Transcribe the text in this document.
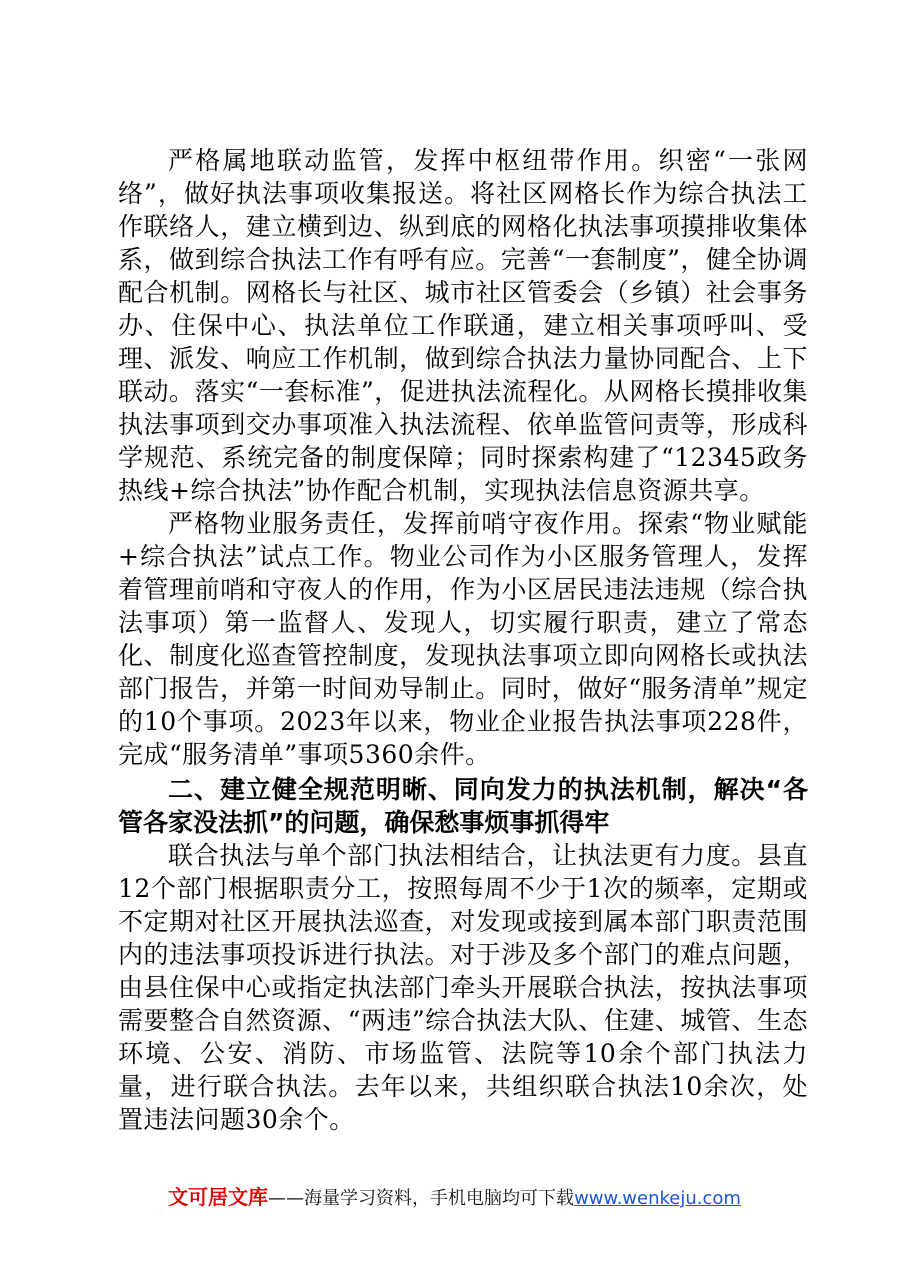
严格属地联动监管，发挥中枢纽带作用。织密“一张网络”，做好执法事项收集报送。将社区网格长作为综合执法工作联络人，建立横到边、纵到底的网格化执法事项摸排收集体系，做到综合执法工作有呼有应。完善“一套制度”，健全协调配合机制。网格长与社区、城市社区管委会（乡镇）社会事务办、住保中心、执法单位工作联通，建立相关事项呼叫、受理、派发、响应工作机制，做到综合执法力量协同配合、上下联动。落实“一套标准”，促进执法流程化。从网格长摸排收集执法事项到交办事项准入执法流程、依单监管问责等，形成科学规范、系统完备的制度保障；同时探索构建了“12345政务热线+综合执法”协作配合机制，实现执法信息资源共享。

严格物业服务责任，发挥前哨守夜作用。探索“物业赋能+综合执法”试点工作。物业公司作为小区服务管理人，发挥着管理前哨和守夜人的作用，作为小区居民违法违规（综合执法事项）第一监督人、发现人，切实履行职责，建立了常态化、制度化巡查管控制度，发现执法事项立即向网格长或执法部门报告，并第一时间劝导制止。同时，做好“服务清单”规定的10个事项。2023年以来，物业企业报告执法事项228件，完成“服务清单”事项5360余件。

二、建立健全规范明晰、同向发力的执法机制，解决“各管各家没法抓”的问题，确保愁事烦事抓得牢

联合执法与单个部门执法相结合，让执法更有力度。县直12个部门根据职责分工，按照每周不少于1次的频率，定期或不定期对社区开展执法巡查，对发现或接到属本部门职责范围内的违法事项投诉进行执法。对于涉及多个部门的难点问题，由县住保中心或指定执法部门牵头开展联合执法，按执法事项需要整合自然资源、“两违”综合执法大队、住建、城管、生态环境、公安、消防、市场监管、法院等10余个部门执法力量，进行联合执法。去年以来，共组织联合执法10余次，处置违法问题30余个。

文可居文库——海量学习资料，手机电脑均可下载www.wenkeju.com
